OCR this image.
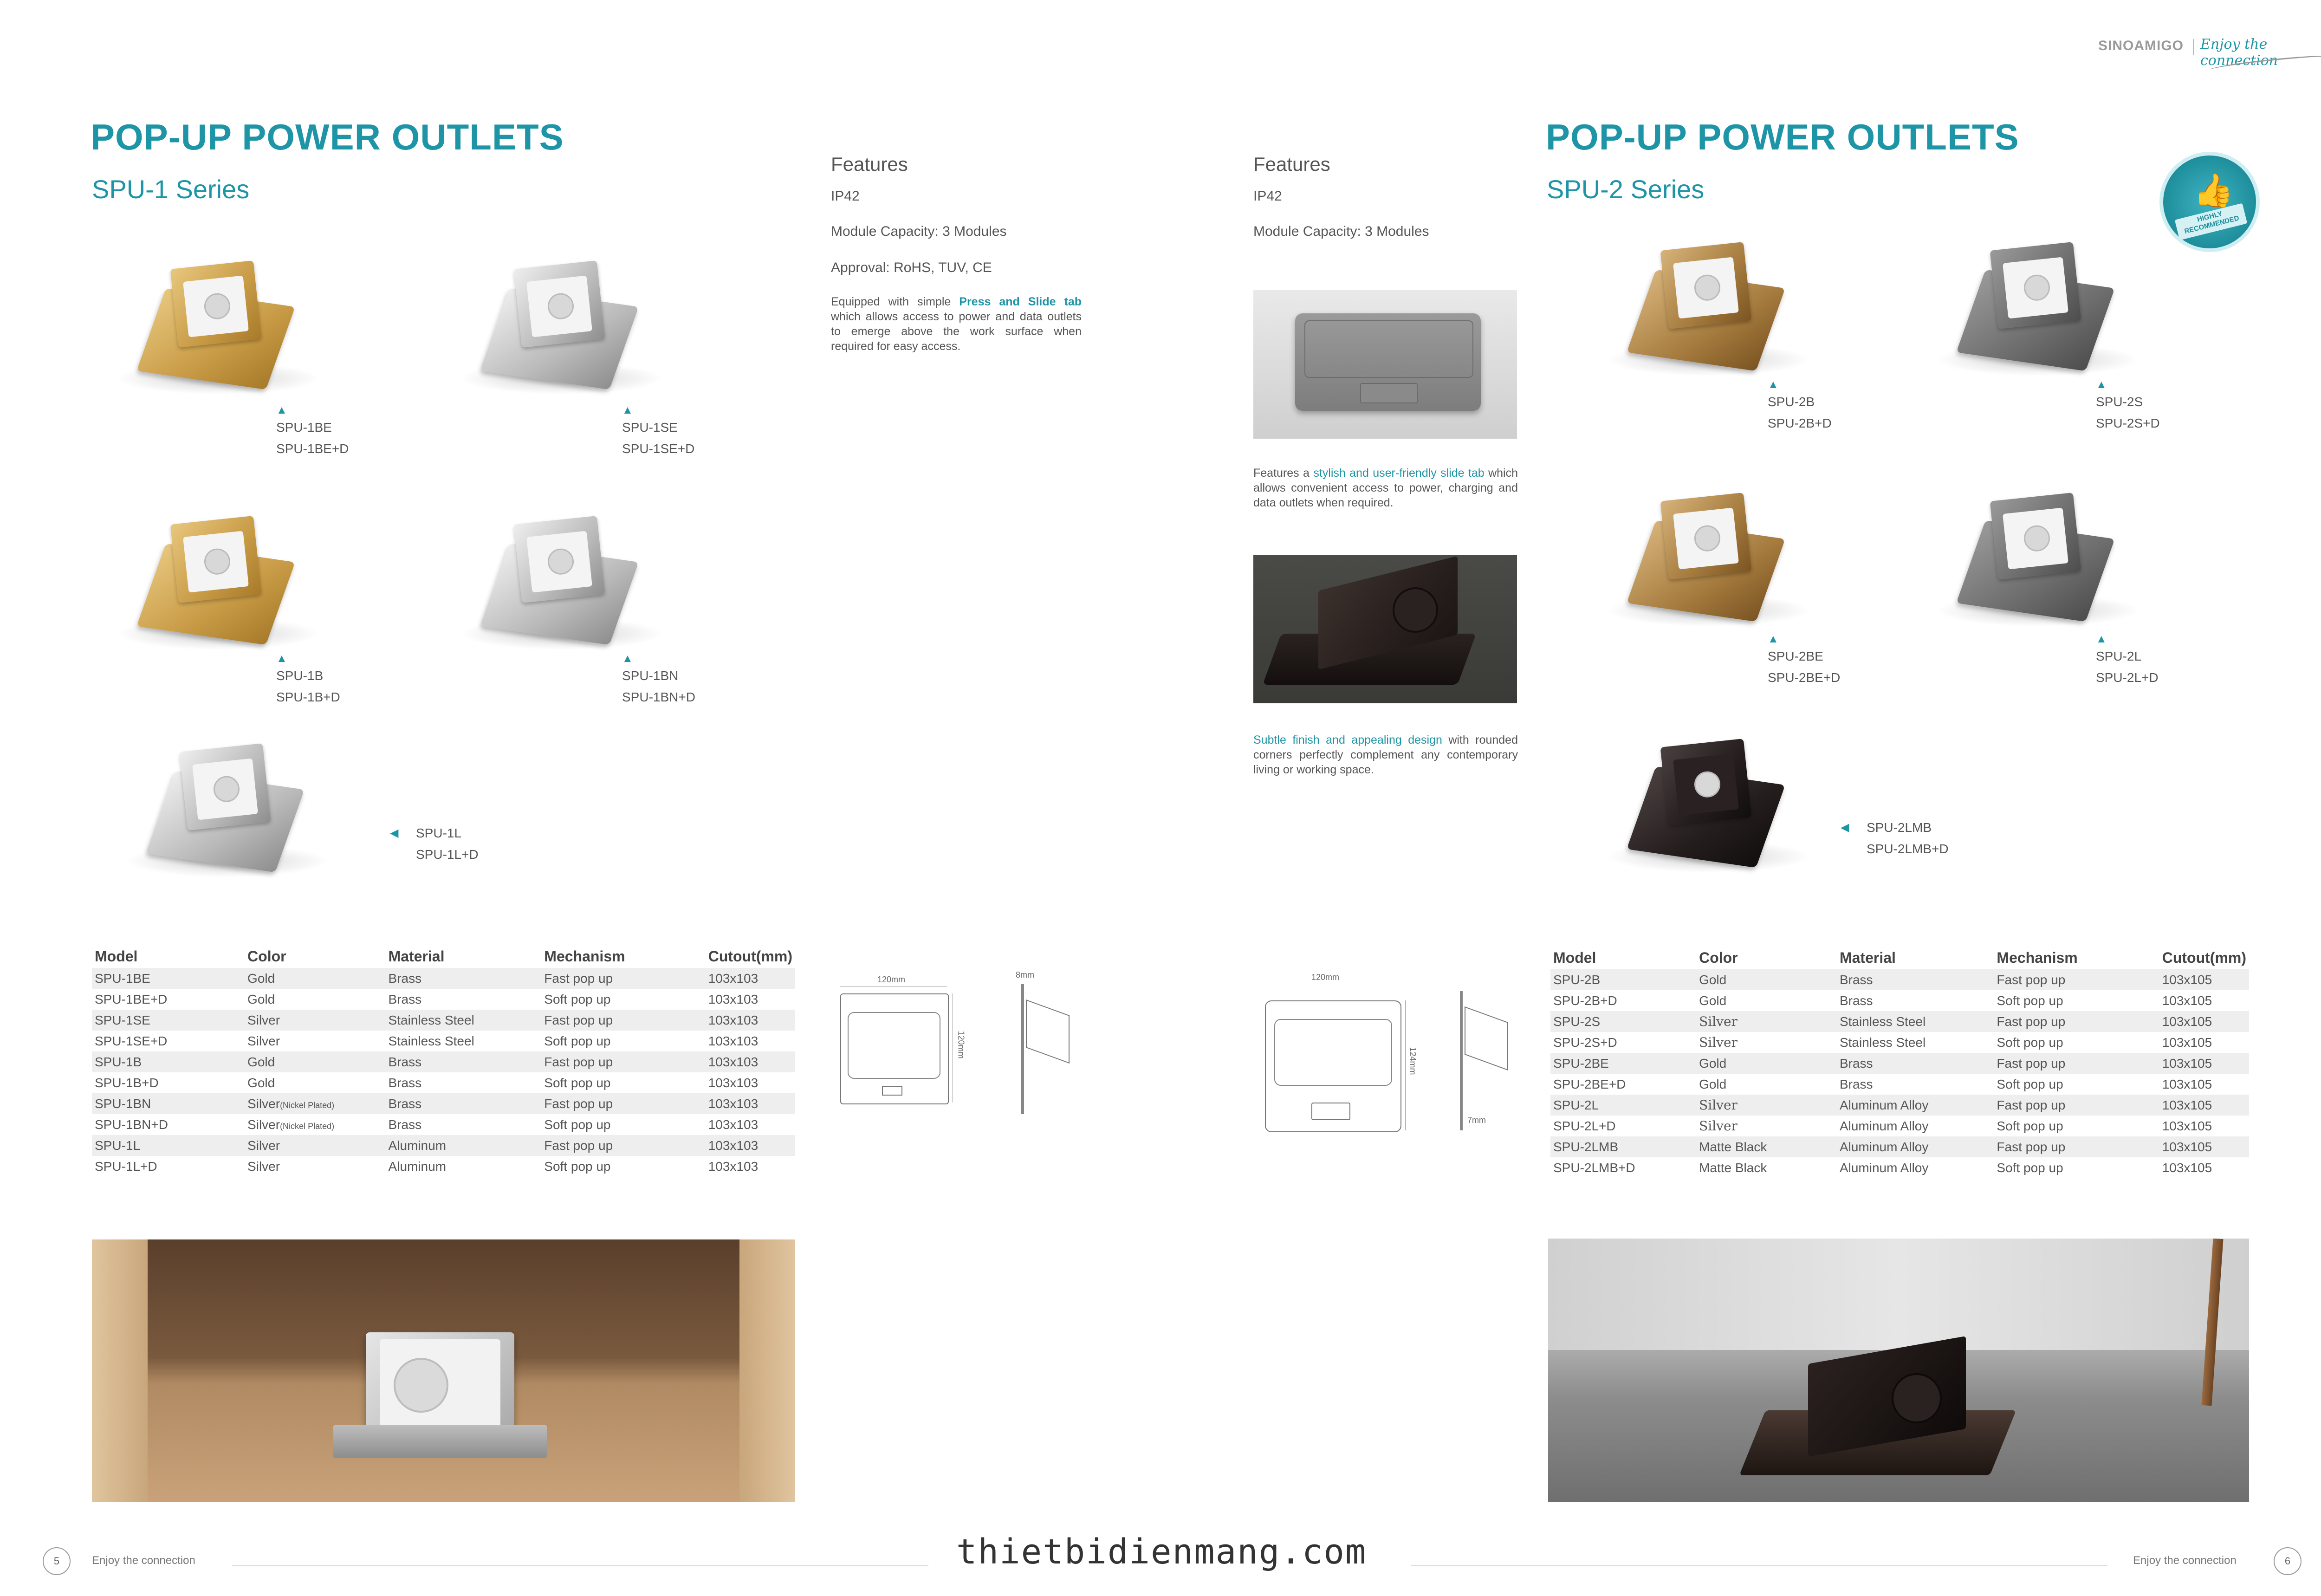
SINOAMIGO Enjoy the connection
POP-UP POWER OUTLETS
SPU-1 Series
▲
SPU-1BE
SPU-1BE+D
▲
SPU-1SE
SPU-1SE+D
▲
SPU-1B
SPU-1B+D
▲
SPU-1BN
SPU-1BN+D
◀ SPU-1L
SPU-1L+D
Features
IP42
Module Capacity: 3 Modules
Approval: RoHS, TUV, CE
Equipped with simple Press and Slide tab which allows access to power and data outlets to emerge above the work surface when required for easy access.
Model	Color	Material	Mechanism	Cutout(mm)
SPU-1BE	Gold	Brass	Fast pop up	103x103
SPU-1BE+D	Gold	Brass	Soft pop up	103x103
SPU-1SE	Silver	Stainless Steel	Fast pop up	103x103
SPU-1SE+D	Silver	Stainless Steel	Soft pop up	103x103
SPU-1B	Gold	Brass	Fast pop up	103x103
SPU-1B+D	Gold	Brass	Soft pop up	103x103
SPU-1BN	Silver(Nickel Plated)	Brass	Fast pop up	103x103
SPU-1BN+D	Silver(Nickel Plated)	Brass	Soft pop up	103x103
SPU-1L	Silver	Aluminum	Fast pop up	103x103
SPU-1L+D	Silver	Aluminum	Soft pop up	103x103
120mm
120mm
8mm
5	Enjoy the connection
Features
IP42
Module Capacity: 3 Modules
Features a stylish and user-friendly slide tab which allows convenient access to power, charging and data outlets when required.
Subtle finish and appealing design with rounded corners perfectly complement any contemporary living or working space.
POP-UP POWER OUTLETS
SPU-2 Series	👍
HIGHLY RECOMMENDED
▲
SPU-2B
SPU-2B+D
▲
SPU-2S
SPU-2S+D
▲
SPU-2BE
SPU-2BE+D
▲
SPU-2L
SPU-2L+D
◀ SPU-2LMB
SPU-2LMB+D
120mm
124mm
7mm
Model	Color	Material	Mechanism	Cutout(mm)
SPU-2B	Gold	Brass	Fast pop up	103x105
SPU-2B+D	Gold	Brass	Soft pop up	103x105
SPU-2S	Silver	Stainless Steel	Fast pop up	103x105
SPU-2S+D	Silver	Stainless Steel	Soft pop up	103x105
SPU-2BE	Gold	Brass	Fast pop up	103x105
SPU-2BE+D	Gold	Brass	Soft pop up	103x105
SPU-2L	Silver	Aluminum Alloy	Fast pop up	103x105
SPU-2L+D	Silver	Aluminum Alloy	Soft pop up	103x105
SPU-2LMB	Matte Black	Aluminum Alloy	Fast pop up	103x105
SPU-2LMB+D	Matte Black	Aluminum Alloy	Soft pop up	103x105
Enjoy the connection	6
thietbidienmang.com
